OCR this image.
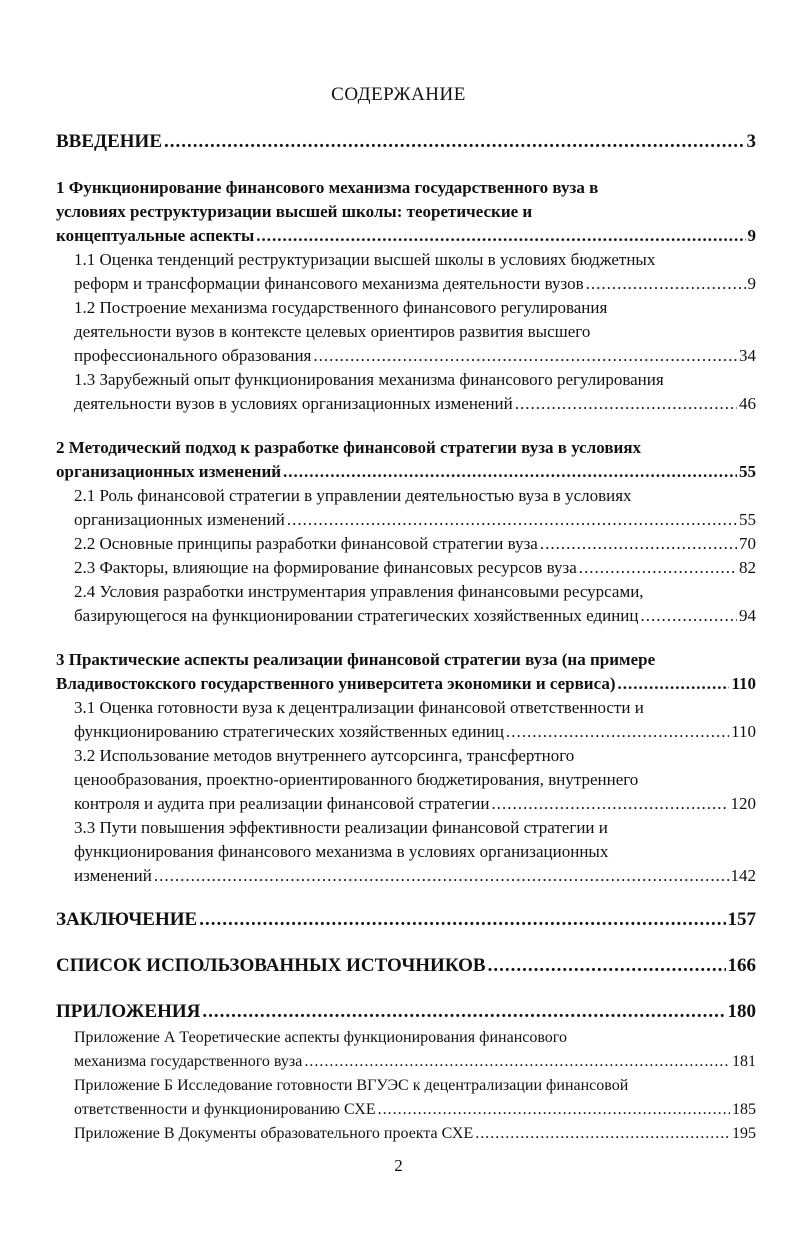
СОДЕРЖАНИЕ
ВВЕДЕНИЕ .....	3
1 Функционирование финансового механизма государственного вуза в
условиях реструктуризации высшей школы: теоретические и
концептуальные аспекты .....	9
1.1 Оценка тенденций реструктуризации высшей школы в условиях бюджетных
реформ и трансформации финансового механизма деятельности вузов .....	9
1.2 Построение механизма государственного финансового регулирования
деятельности вузов в контексте целевых ориентиров развития высшего
профессионального образования .....	34
1.3 Зарубежный опыт функционирования механизма финансового регулирования
деятельности вузов в условиях организационных изменений .....	46
2 Методический подход к разработке финансовой стратегии вуза в условиях
организационных изменений .....	55
2.1 Роль финансовой стратегии в управлении деятельностью вуза в условиях
организационных изменений .....	55
2.2 Основные принципы разработки финансовой стратегии вуза .....	70
2.3 Факторы, влияющие на формирование финансовых ресурсов вуза .....	82
2.4 Условия разработки инструментария управления финансовыми ресурсами,
базирующегося на функционировании стратегических хозяйственных единиц .....	94
3 Практические аспекты реализации финансовой стратегии вуза (на примере
Владивостокского государственного университета экономики и сервиса) .....	110
3.1 Оценка готовности вуза к децентрализации финансовой ответственности и
функционированию стратегических хозяйственных единиц .....	110
3.2 Использование методов внутреннего аутсорсинга, трансфертного
ценообразования, проектно-ориентированного бюджетирования, внутреннего
контроля и аудита при реализации финансовой стратегии .....	120
3.3 Пути повышения эффективности реализации финансовой стратегии и
функционирования финансового механизма в условиях организационных
изменений .....	142
ЗАКЛЮЧЕНИЕ .....	157
СПИСОК ИСПОЛЬЗОВАННЫХ ИСТОЧНИКОВ .....	166
ПРИЛОЖЕНИЯ .....	180
Приложение А Теоретические аспекты функционирования финансового
механизма государственного вуза .....	181
Приложение Б Исследование готовности ВГУЭС к децентрализации финансовой
ответственности и функционированию СХЕ .....	185
Приложение В Документы образовательного проекта СХЕ .....	195
2
